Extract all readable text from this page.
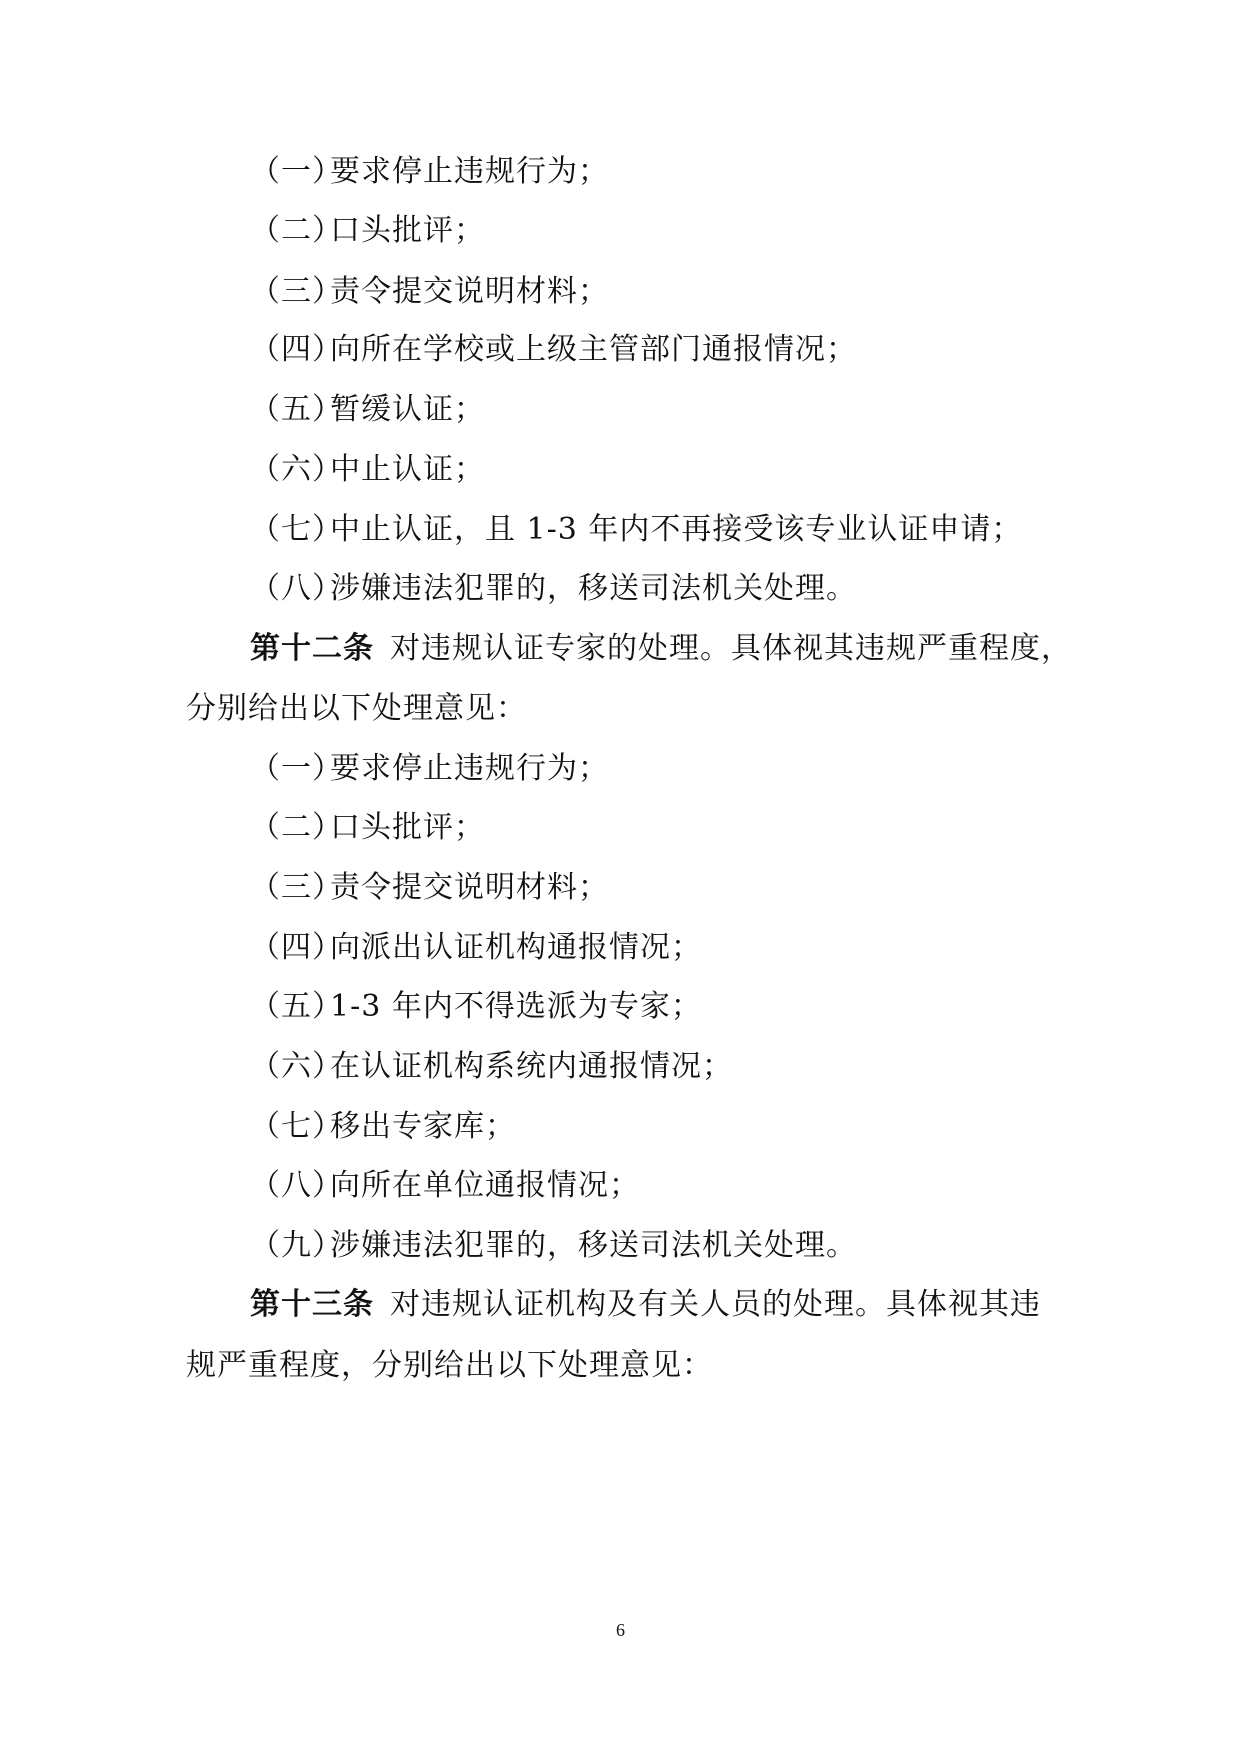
（一）要求停止违规行为；
（二）口头批评；
（三）责令提交说明材料；
（四）向所在学校或上级主管部门通报情况；
（五）暂缓认证；
（六）中止认证；
（七）中止认证，且 1-3 年内不再接受该专业认证申请；
（八）涉嫌违法犯罪的，移送司法机关处理。
第十二条 对违规认证专家的处理。具体视其违规严重程度，
分别给出以下处理意见：
（一）要求停止违规行为；
（二）口头批评；
（三）责令提交说明材料；
（四）向派出认证机构通报情况；
（五）1-3 年内不得选派为专家；
（六）在认证机构系统内通报情况；
（七）移出专家库；
（八）向所在单位通报情况；
（九）涉嫌违法犯罪的，移送司法机关处理。
第十三条 对违规认证机构及有关人员的处理。具体视其违
规严重程度，分别给出以下处理意见：
6
